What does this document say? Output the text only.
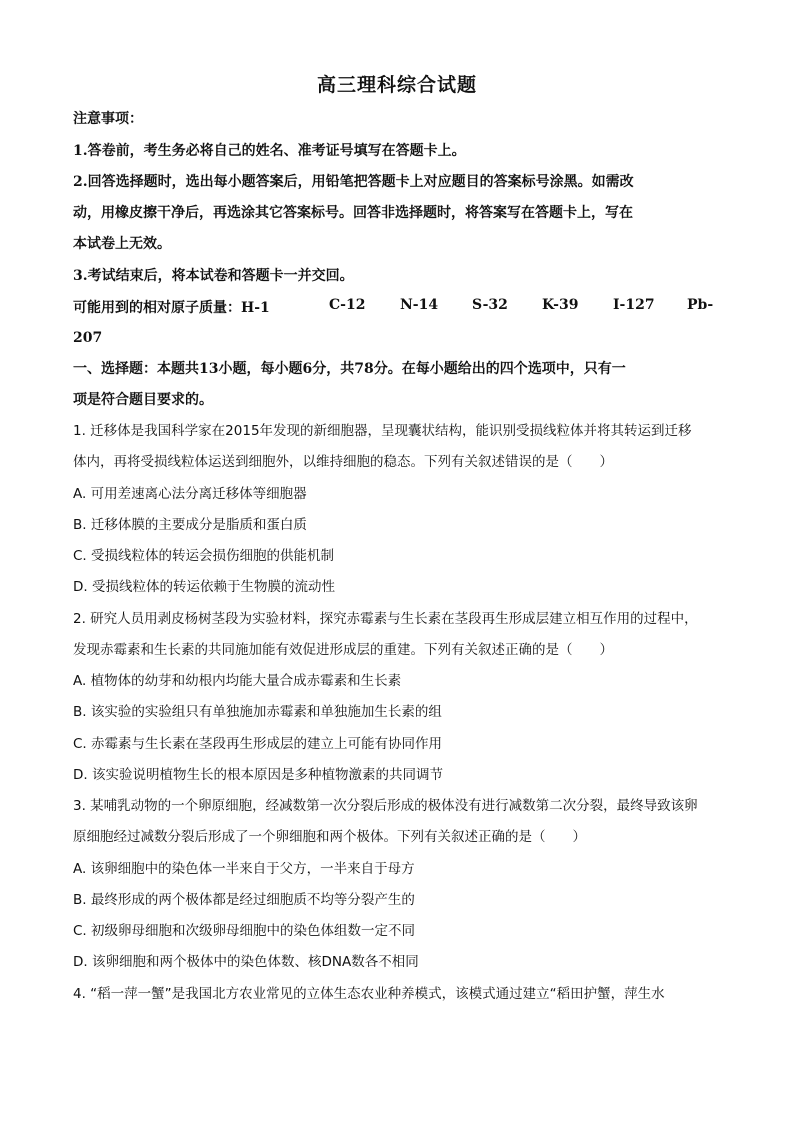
高三理科综合试题
注意事项：
1.答卷前，考生务必将自己的姓名、准考证号填写在答题卡上。
2.回答选择题时，选出每小题答案后，用铅笔把答题卡上对应题目的答案标号涂黑。如需改
动，用橡皮擦干净后，再选涂其它答案标号。回答非选择题时，将答案写在答题卡上，写在
本试卷上无效。
3.考试结束后，将本试卷和答题卡一并交回。
可能用到的相对原子质量：H-1	C-12 N-14 S-32 K-39 I-127 Pb-
207
一、选择题：本题共13小题，每小题6分，共78分。在每小题给出的四个选项中，只有一
项是符合题目要求的。
1. 迁移体是我国科学家在2015年发现的新细胞器，呈现囊状结构，能识别受损线粒体并将其转运到迁移
体内，再将受损线粒体运送到细胞外，以维持细胞的稳态。下列有关叙述错误的是（　　）
A. 可用差速离心法分离迁移体等细胞器
B. 迁移体膜的主要成分是脂质和蛋白质
C. 受损线粒体的转运会损伤细胞的供能机制
D. 受损线粒体的转运依赖于生物膜的流动性
2. 研究人员用剥皮杨树茎段为实验材料，探究赤霉素与生长素在茎段再生形成层建立相互作用的过程中，
发现赤霉素和生长素的共同施加能有效促进形成层的重建。下列有关叙述正确的是（　　）
A. 植物体的幼芽和幼根内均能大量合成赤霉素和生长素
B. 该实验的实验组只有单独施加赤霉素和单独施加生长素的组
C. 赤霉素与生长素在茎段再生形成层的建立上可能有协同作用
D. 该实验说明植物生长的根本原因是多种植物激素的共同调节
3. 某哺乳动物的一个卵原细胞，经减数第一次分裂后形成的极体没有进行减数第二次分裂，最终导致该卵
原细胞经过减数分裂后形成了一个卵细胞和两个极体。下列有关叙述正确的是（　　）
A. 该卵细胞中的染色体一半来自于父方，一半来自于母方
B. 最终形成的两个极体都是经过细胞质不均等分裂产生的
C. 初级卵母细胞和次级卵母细胞中的染色体组数一定不同
D. 该卵细胞和两个极体中的染色体数、核DNA数各不相同
4. “稻一萍一蟹”是我国北方农业常见的立体生态农业种养模式，该模式通过建立“稻田护蟹，萍生水
